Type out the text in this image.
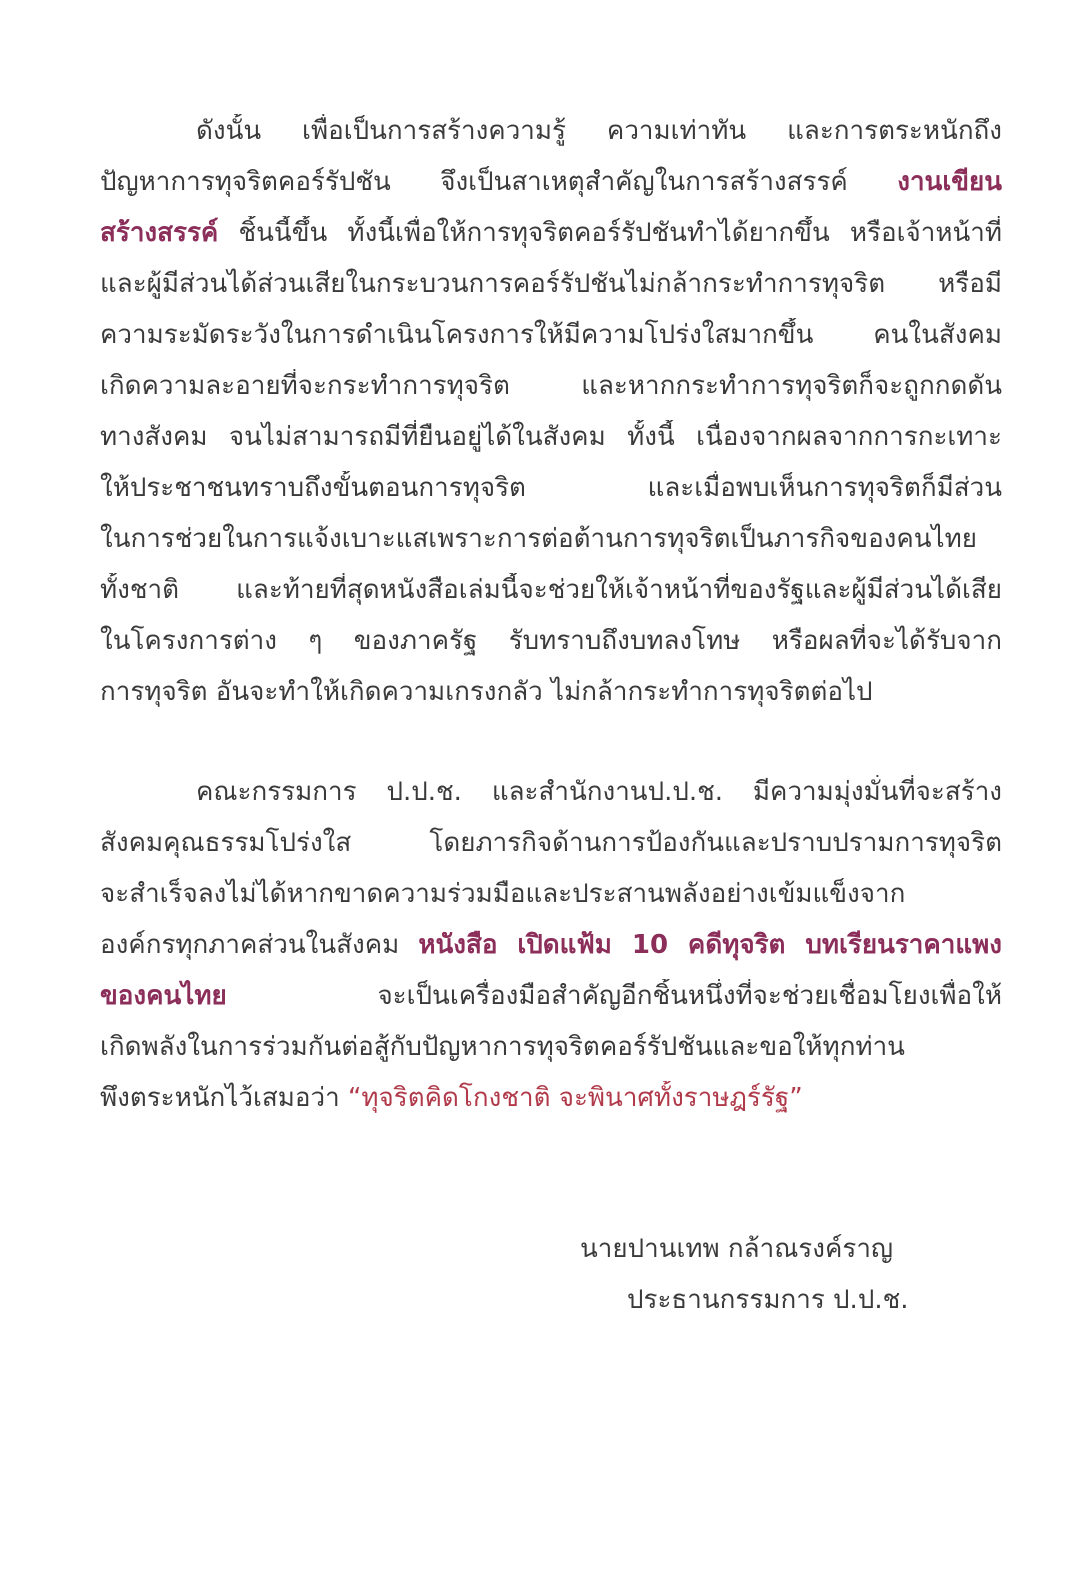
ดังนั้น เพื่อเป็นการสร้างความรู้ ความเท่าทัน และการตระหนักถึง
ปัญหาการทุจริตคอร์รัปชัน จึงเป็นสาเหตุสำคัญในการสร้างสรรค์ งานเขียน
สร้างสรรค์ ชิ้นนี้ขึ้น ทั้งนี้เพื่อให้การทุจริตคอร์รัปชันทำได้ยากขึ้น หรือเจ้าหน้าที่
และผู้มีส่วนได้ส่วนเสียในกระบวนการคอร์รัปชันไม่กล้ากระทำการทุจริต หรือมี
ความระมัดระวังในการดำเนินโครงการให้มีความโปร่งใสมากขึ้น คนในสังคม
เกิดความละอายที่จะกระทำการทุจริต และหากกระทำการทุจริตก็จะถูกกดดัน
ทางสังคม จนไม่สามารถมีที่ยืนอยู่ได้ในสังคม ทั้งนี้ เนื่องจากผลจากการกะเทาะ
ให้ประชาชนทราบถึงขั้นตอนการทุจริต และเมื่อพบเห็นการทุจริตก็มีส่วน
ในการช่วยในการแจ้งเบาะแสเพราะการต่อต้านการทุจริตเป็นภารกิจของคนไทย
ทั้งชาติ และท้ายที่สุดหนังสือเล่มนี้จะช่วยให้เจ้าหน้าที่ของรัฐและผู้มีส่วนได้เสีย
ในโครงการต่าง ๆ ของภาครัฐ รับทราบถึงบทลงโทษ หรือผลที่จะได้รับจาก
การทุจริต อันจะทำให้เกิดความเกรงกลัว ไม่กล้ากระทำการทุจริตต่อไป
คณะกรรมการ ป.ป.ช. และสำนักงานป.ป.ช. มีความมุ่งมั่นที่จะสร้าง
สังคมคุณธรรมโปร่งใส โดยภารกิจด้านการป้องกันและปราบปรามการทุจริต
จะสำเร็จลงไม่ได้หากขาดความร่วมมือและประสานพลังอย่างเข้มแข็งจาก
องค์กรทุกภาคส่วนในสังคม หนังสือ เปิดแฟ้ม 10 คดีทุจริต บทเรียนราคาแพง
ของคนไทย จะเป็นเครื่องมือสำคัญอีกชิ้นหนึ่งที่จะช่วยเชื่อมโยงเพื่อให้
เกิดพลังในการร่วมกันต่อสู้กับปัญหาการทุจริตคอร์รัปชันและขอให้ทุกท่าน
พึงตระหนักไว้เสมอว่า “ทุจริตคิดโกงชาติ จะพินาศทั้งราษฎร์รัฐ”
นายปานเทพ กล้าณรงค์ราญ
ประธานกรรมการ ป.ป.ช.
